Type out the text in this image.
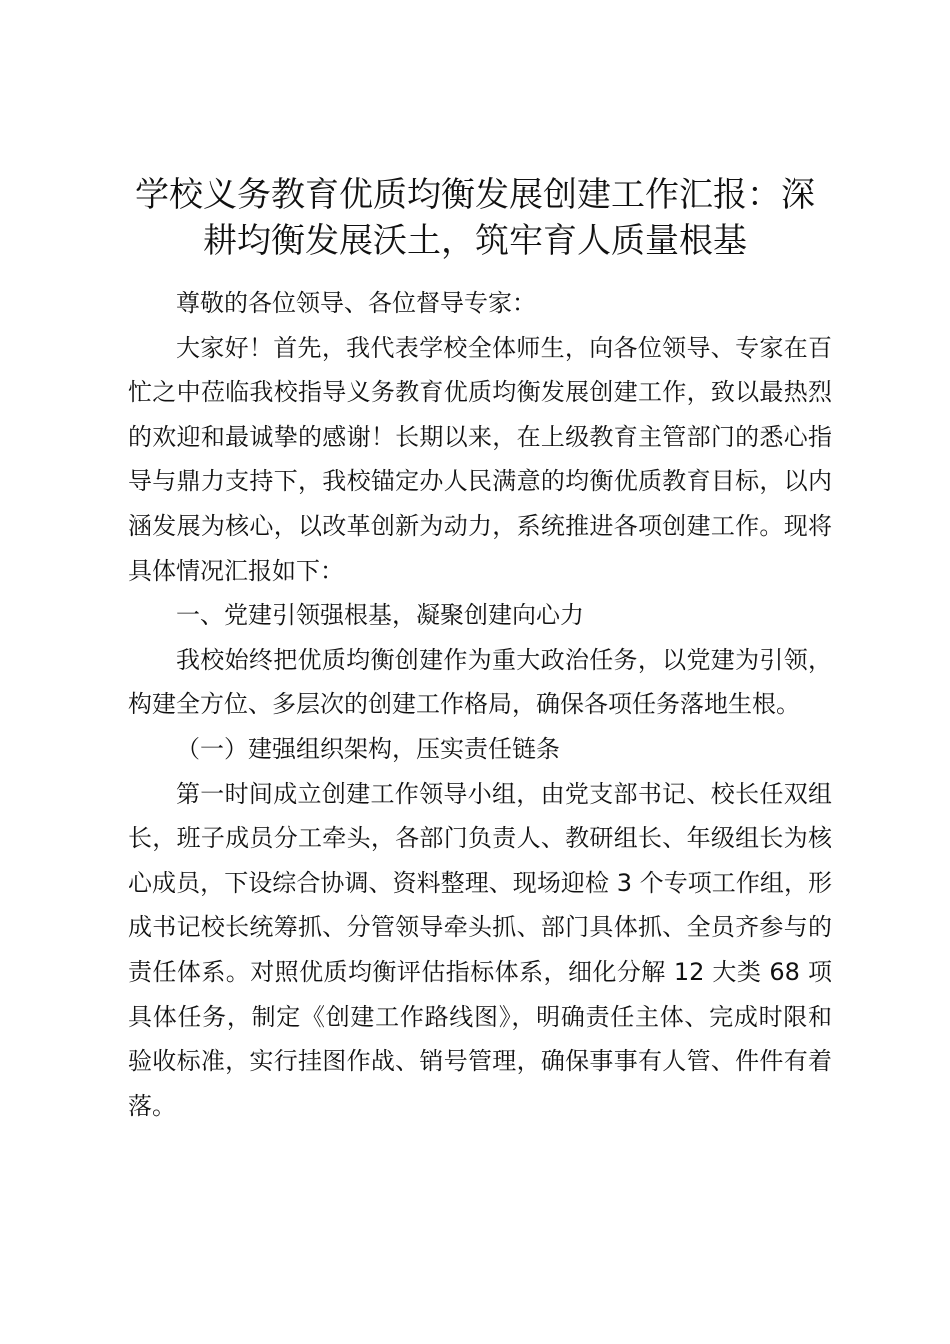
学校义务教育优质均衡发展创建工作汇报：深
耕均衡发展沃土，筑牢育人质量根基

尊敬的各位领导、各位督导专家：

大家好！首先，我代表学校全体师生，向各位领导、专家在百忙之中莅临我校指导义务教育优质均衡发展创建工作，致以最热烈的欢迎和最诚挚的感谢！长期以来，在上级教育主管部门的悉心指导与鼎力支持下，我校锚定办人民满意的均衡优质教育目标，以内涵发展为核心，以改革创新为动力，系统推进各项创建工作。现将具体情况汇报如下：

一、党建引领强根基，凝聚创建向心力

我校始终把优质均衡创建作为重大政治任务，以党建为引领，构建全方位、多层次的创建工作格局，确保各项任务落地生根。

（一）建强组织架构，压实责任链条

第一时间成立创建工作领导小组，由党支部书记、校长任双组长，班子成员分工牵头，各部门负责人、教研组长、年级组长为核心成员，下设综合协调、资料整理、现场迎检 3 个专项工作组，形成书记校长统筹抓、分管领导牵头抓、部门具体抓、全员齐参与的责任体系。对照优质均衡评估指标体系，细化分解 12 大类 68 项具体任务，制定《创建工作路线图》，明确责任主体、完成时限和验收标准，实行挂图作战、销号管理，确保事事有人管、件件有着落。
